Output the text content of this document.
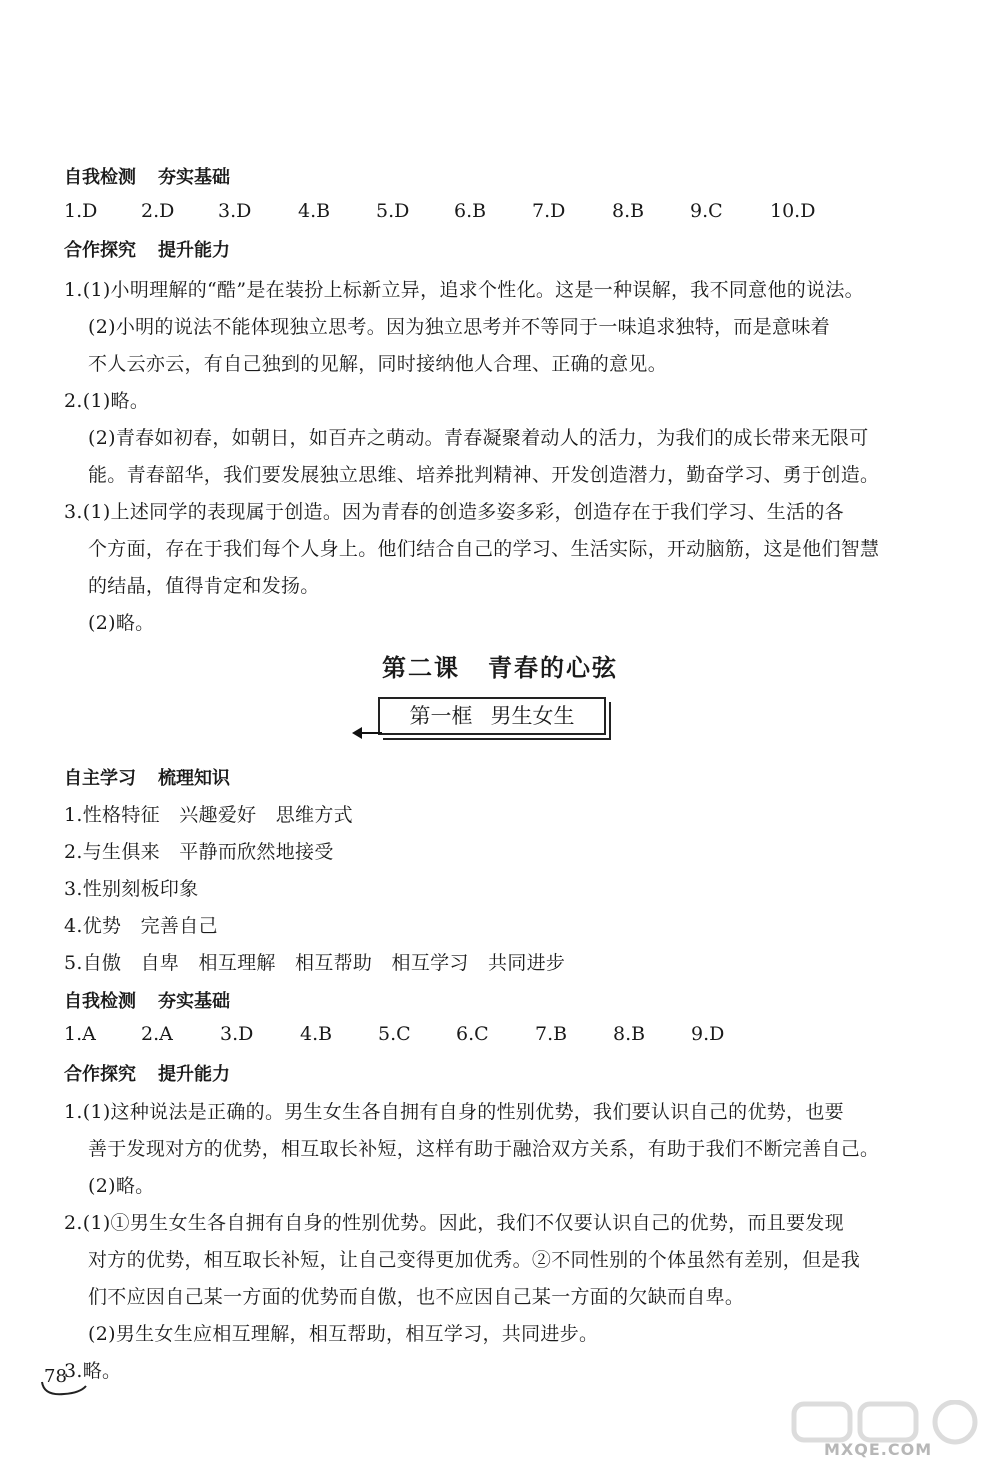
自我检测 夯实基础
1.D	2.D	3.D	4.B	5.D	6.B	7.D	8.B	9.C	10.D
合作探究 提升能力
1.(1)小明理解的“酷”是在装扮上标新立异，追求个性化。这是一种误解，我不同意他的说法。
(2)小明的说法不能体现独立思考。因为独立思考并不等同于一味追求独特，而是意味着
不人云亦云，有自己独到的见解，同时接纳他人合理、正确的意见。
2.(1)略。
(2)青春如初春，如朝日，如百卉之萌动。青春凝聚着动人的活力，为我们的成长带来无限可
能。青春韶华，我们要发展独立思维、培养批判精神、开发创造潜力，勤奋学习、勇于创造。
3.(1)上述同学的表现属于创造。因为青春的创造多姿多彩，创造存在于我们学习、生活的各
个方面，存在于我们每个人身上。他们结合自己的学习、生活实际，开动脑筋，这是他们智慧
的结晶，值得肯定和发扬。
(2)略。
第二课 青春的心弦
第一框 男生女生
自主学习 梳理知识
1.性格特征　兴趣爱好　思维方式
2.与生俱来　平静而欣然地接受
3.性别刻板印象
4.优势　完善自己
5.自傲　自卑　相互理解　相互帮助　相互学习　共同进步
自我检测 夯实基础
1.A	2.A	3.D	4.B	5.C	6.C	7.B	8.B	9.D
合作探究 提升能力
1.(1)这种说法是正确的。男生女生各自拥有自身的性别优势，我们要认识自己的优势，也要
善于发现对方的优势，相互取长补短，这样有助于融洽双方关系，有助于我们不断完善自己。
(2)略。
2.(1)①男生女生各自拥有自身的性别优势。因此，我们不仅要认识自己的优势，而且要发现
对方的优势，相互取长补短，让自己变得更加优秀。②不同性别的个体虽然有差别，但是我
们不应因自己某一方面的优势而自傲，也不应因自己某一方面的欠缺而自卑。
(2)男生女生应相互理解，相互帮助，相互学习，共同进步。
3.略。
78
MXQE.COM
